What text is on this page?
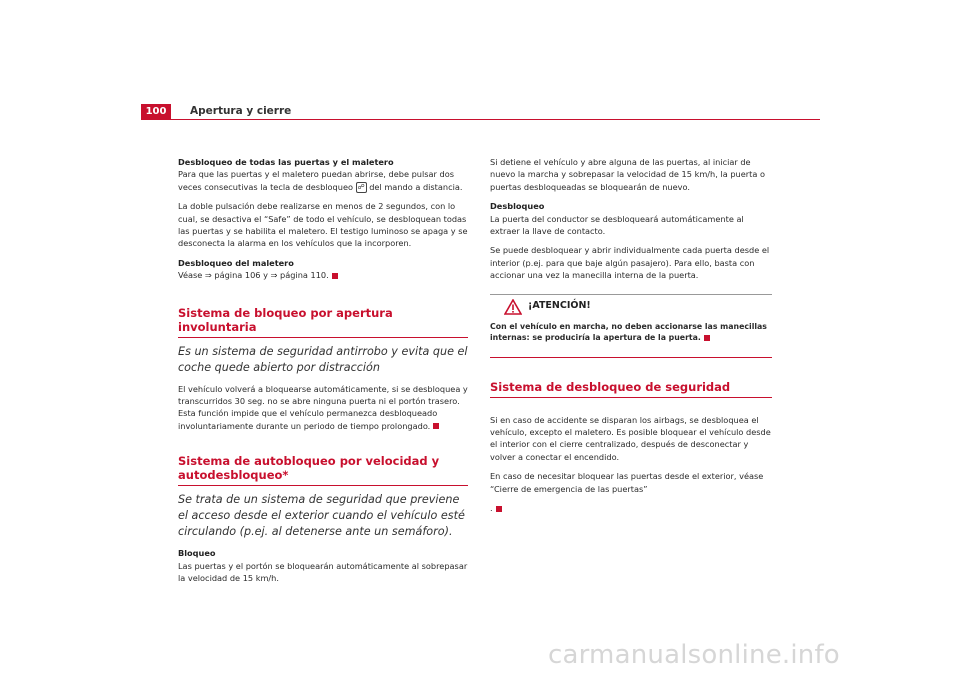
100	Apertura y cierre

Desbloqueo de todas las puertas y el maletero

Para que las puertas y el maletero puedan abrirse, debe pulsar dos veces consecutivas la tecla de desbloqueo ☍ del mando a distancia.

La doble pulsación debe realizarse en menos de 2 segundos, con lo cual, se desactiva el “Safe” de todo el vehículo, se desbloquean todas las puertas y se habilita el maletero. El testigo luminoso se apaga y se desconecta la alarma en los vehículos que la incorporen.

Desbloqueo del maletero

Véase ⇒ página 106 y ⇒ página 110.

Sistema de bloqueo por apertura involuntaria

Es un sistema de seguridad antirrobo y evita que el coche quede abierto por distracción

El vehículo volverá a bloquearse automáticamente, si se desbloquea y transcurridos 30 seg. no se abre ninguna puerta ni el portón trasero. Esta función impide que el vehículo permanezca desbloqueado involuntariamente durante un periodo de tiempo prolongado.

Sistema de autobloqueo por velocidad y autodesbloqueo*

Se trata de un sistema de seguridad que previene el acceso desde el exterior cuando el vehículo esté circulando (p.ej. al detenerse ante un semáforo).

Bloqueo

Las puertas y el portón se bloquearán automáticamente al sobrepasar la velocidad de 15 km/h.

Si detiene el vehículo y abre alguna de las puertas, al iniciar de nuevo la marcha y sobrepasar la velocidad de 15 km/h, la puerta o puertas desbloqueadas se bloquearán de nuevo.

Desbloqueo

La puerta del conductor se desbloqueará automáticamente al extraer la llave de contacto.

Se puede desbloquear y abrir individualmente cada puerta desde el interior (p.ej. para que baje algún pasajero). Para ello, basta con accionar una vez la manecilla interna de la puerta.

¡ATENCIÓN!

Con el vehículo en marcha, no deben accionarse las manecillas internas: se produciría la apertura de la puerta.

Sistema de desbloqueo de seguridad

Si en caso de accidente se disparan los airbags, se desbloquea el vehículo, excepto el maletero. Es posible bloquear el vehículo desde el interior con el cierre centralizado, después de desconectar y volver a conectar el encendido.

En caso de necesitar bloquear las puertas desde el exterior, véase “Cierre de emergencia de las puertas”

.

carmanualsonline.info
